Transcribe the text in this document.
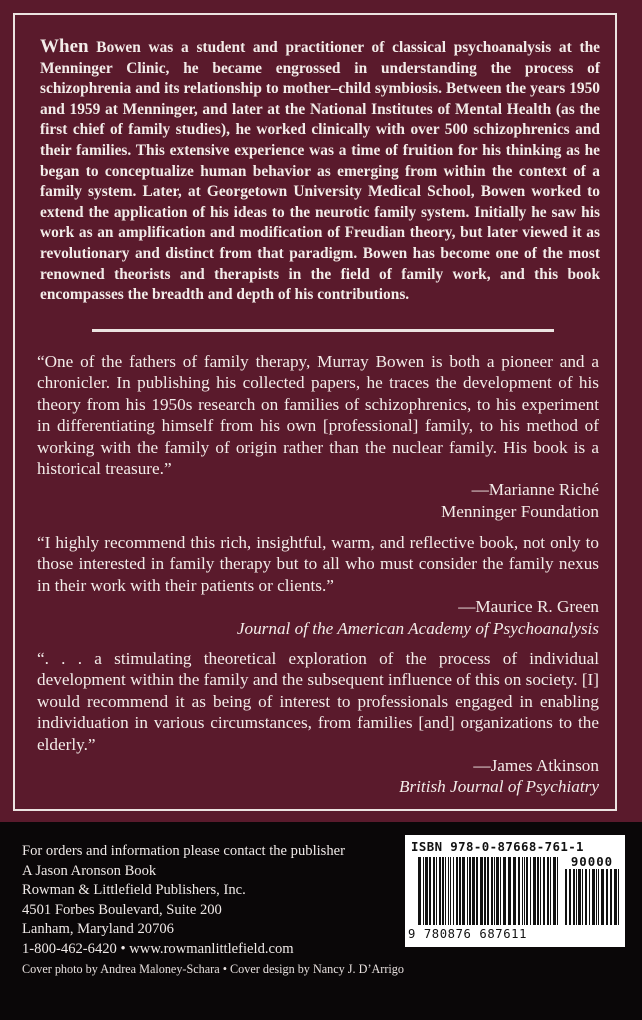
When Bowen was a student and practitioner of classical psychoanalysis at the Menninger Clinic, he became engrossed in understanding the process of schizophrenia and its relationship to mother–child symbiosis. Between the years 1950 and 1959 at Menninger, and later at the National Institutes of Mental Health (as the first chief of family studies), he worked clinically with over 500 schizophrenics and their families. This extensive experience was a time of fruition for his thinking as he began to conceptualize human behavior as emerging from within the context of a family system. Later, at Georgetown University Medical School, Bowen worked to extend the application of his ideas to the neurotic family system. Initially he saw his work as an amplification and modification of Freudian theory, but later viewed it as revolutionary and distinct from that paradigm. Bowen has become one of the most renowned theorists and therapists in the field of family work, and this book encompasses the breadth and depth of his contributions.
“One of the fathers of family therapy, Murray Bowen is both a pioneer and a chronicler. In publishing his collected papers, he traces the development of his theory from his 1950s research on families of schizophrenics, to his experiment in differentiating himself from his own [professional] family, to his method of working with the family of origin rather than the nuclear family. His book is a historical treasure.”
—Marianne Riché
Menninger Foundation
“I highly recommend this rich, insightful, warm, and reflective book, not only to those interested in family therapy but to all who must consider the family nexus in their work with their patients or clients.”
—Maurice R. Green
Journal of the American Academy of Psychoanalysis
“. . . a stimulating theoretical exploration of the process of individual development within the family and the subsequent influence of this on society. [I] would recommend it as being of interest to professionals engaged in enabling individuation in various circumstances, from families [and] organizations to the elderly.”
—James Atkinson
British Journal of Psychiatry
For orders and information please contact the publisher
A Jason Aronson Book
Rowman & Littlefield Publishers, Inc.
4501 Forbes Boulevard, Suite 200
Lanham, Maryland 20706
1-800-462-6420 • www.rowmanlittlefield.com
ISBN 978-0-87668-761-1
90000
9 780876 687611
Cover photo by Andrea Maloney-Schara • Cover design by Nancy J. D’Arrigo
